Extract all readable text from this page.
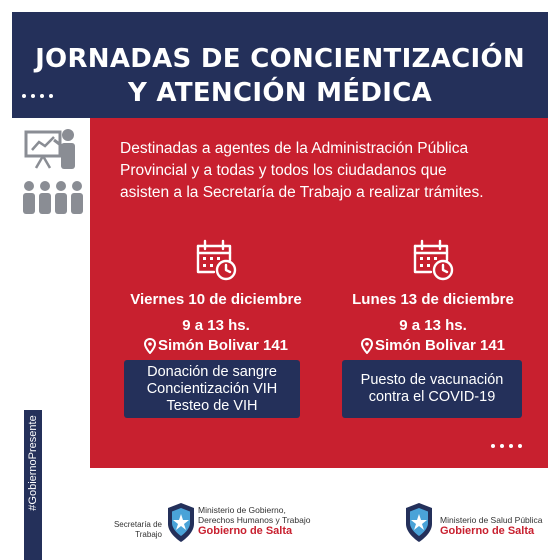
JORNADAS DE CONCIENTIZACIÓN
Y ATENCIÓN MÉDICA
Destinadas a agentes de la Administración Pública
Provincial y a todas y todos los ciudadanos que
asisten a la Secretaría de Trabajo a realizar trámites.
Viernes 10 de diciembre
9 a 13 hs.
Simón Bolivar 141
Lunes 13 de diciembre
9 a 13 hs.
Simón Bolivar 141
Donación de sangre
Concientización VIH
Testeo de VIH
Puesto de vacunación
contra el COVID-19
#GobiernoPresente
Secretaría de
Trabajo
Ministerio de Gobierno,
Derechos Humanos y Trabajo
Gobierno de Salta
Ministerio de Salud Pública
Gobierno de Salta
